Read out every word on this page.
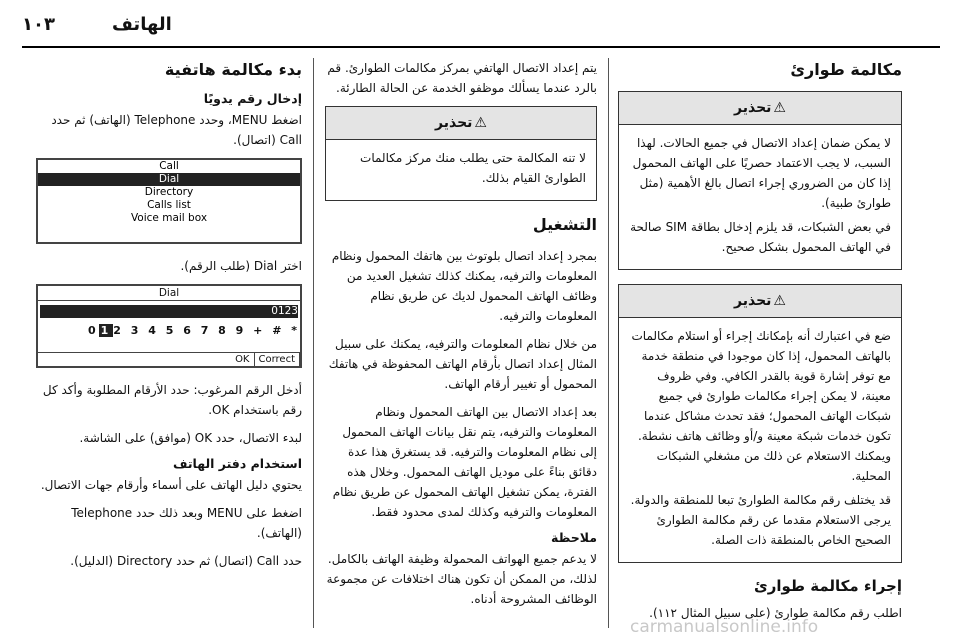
الهاتف
١٠٣
مكالمة طوارئ
⚠تحذير

لا يمكن ضمان إعداد الاتصال في جميع الحالات. لهذا السبب، لا يجب الاعتماد حصريًا على الهاتف المحمول إذا كان من الضروري إجراء اتصال بالغ الأهمية (مثل طوارئ طبية).

في بعض الشبكات، قد يلزم إدخال بطاقة SIM صالحة في الهاتف المحمول بشكل صحيح.

⚠تحذير

ضع في اعتبارك أنه بإمكانك إجراء أو استلام مكالمات بالهاتف المحمول، إذا كان موجودا في منطقة خدمة مع توفر إشارة قوية بالقدر الكافي. وفي ظروف معينة، لا يمكن إجراء مكالمات طوارئ في جميع شبكات الهاتف المحمول؛ فقد تحدث مشاكل عندما تكون خدمات شبكة معينة و/أو وظائف هاتف نشطة. ويمكنك الاستعلام عن ذلك من مشغلي الشبكات المحلية.

قد يختلف رقم مكالمة الطوارئ تبعا للمنطقة والدولة. يرجى الاستعلام مقدما عن رقم مكالمة الطوارئ الصحيح الخاص بالمنطقة ذات الصلة.

إجراء مكالمة طوارئ

اطلب رقم مكالمة طوارئ (على سبيل المثال ١١٢).

يتم إعداد الاتصال الهاتفي بمركز مكالمات الطوارئ. قم بالرد عندما يسألك موظفو الخدمة عن الحالة الطارئة.

⚠تحذير

لا تنه المكالمة حتى يطلب منك مركز مكالمات الطوارئ القيام بذلك.

التشغيل

بمجرد إعداد اتصال بلوتوث بين هاتفك المحمول ونظام المعلومات والترفيه، يمكنك كذلك تشغيل العديد من وظائف الهاتف المحمول لديك عن طريق نظام المعلومات والترفيه.

من خلال نظام المعلومات والترفيه، يمكنك على سبيل المثال إعداد اتصال بأرقام الهاتف المحفوظة في هاتفك المحمول أو تغيير أرقام الهاتف.

بعد إعداد الاتصال بين الهاتف المحمول ونظام المعلومات والترفيه، يتم نقل بيانات الهاتف المحمول إلى نظام المعلومات والترفيه. قد يستغرق هذا عدة دقائق بناءً على موديل الهاتف المحمول. وخلال هذه الفترة، يمكن تشغيل الهاتف المحمول عن طريق نظام المعلومات والترفيه وكذلك لمدى محدود فقط.

ملاحظة

لا يدعم جميع الهواتف المحمولة وظيفة الهاتف بالكامل. لذلك، من الممكن أن تكون هناك اختلافات عن مجموعة الوظائف المشروحة أدناه.

بدء مكالمة هاتفية
إدخال رقم يدويًا

اضغط MENU، وحدد Telephone (الهاتف) ثم حدد Call (اتصال).

Call
Dial
Directory
Calls list
Voice mail box

اختر Dial (طلب الرقم).

Dial
0123
0 1 2 3 4 5 6 7 8 9 + # *
OK Correct

أدخل الرقم المرغوب: حدد الأرقام المطلوبة وأكد كل رقم باستخدام OK.

لبدء الاتصال، حدد OK (موافق) على الشاشة.

استخدام دفتر الهاتف

يحتوي دليل الهاتف على أسماء وأرقام جهات الاتصال.

اضغط على MENU وبعد ذلك حدد Telephone (الهاتف).

حدد Call (اتصال) ثم حدد Directory (الدليل).

carmanualsonline.info
